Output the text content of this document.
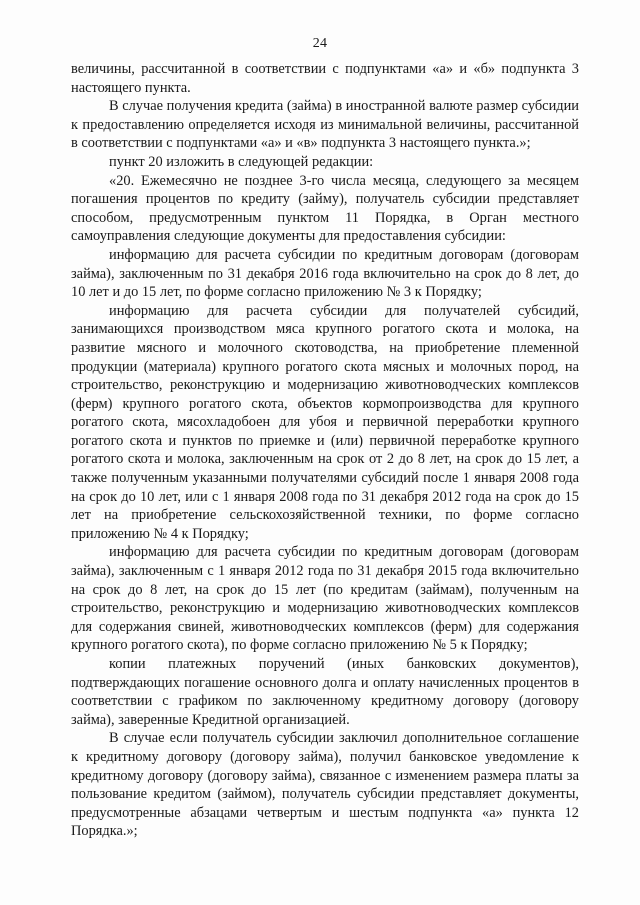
24

величины, рассчитанной в соответствии с подпунктами «а» и «б» подпункта 3 настоящего пункта.

В случае получения кредита (займа) в иностранной валюте размер субсидии к предоставлению определяется исходя из минимальной величины, рассчитанной в соответствии с подпунктами «а» и «в» подпункта 3 настоящего пункта.»;

пункт 20 изложить в следующей редакции:

«20. Ежемесячно не позднее 3-го числа месяца, следующего за месяцем погашения процентов по кредиту (займу), получатель субсидии представляет способом, предусмотренным пунктом 11 Порядка, в Орган местного самоуправления следующие документы для предоставления субсидии:

информацию для расчета субсидии по кредитным договорам (договорам займа), заключенным по 31 декабря 2016 года включительно на срок до 8 лет, до 10 лет и до 15 лет, по форме согласно приложению № 3 к Порядку;

информацию для расчета субсидии для получателей субсидий, занимающихся производством мяса крупного рогатого скота и молока, на развитие мясного и молочного скотоводства, на приобретение племенной продукции (материала) крупного рогатого скота мясных и молочных пород, на строительство, реконструкцию и модернизацию животноводческих комплексов (ферм) крупного рогатого скота, объектов кормопроизводства для крупного рогатого скота, мясохладобоен для убоя и первичной переработки крупного рогатого скота и пунктов по приемке и (или) первичной переработке крупного рогатого скота и молока, заключенным на срок от 2 до 8 лет, на срок до 15 лет, а также полученным указанными получателями субсидий после 1 января 2008 года на срок до 10 лет, или с 1 января 2008 года по 31 декабря 2012 года на срок до 15 лет на приобретение сельскохозяйственной техники, по форме согласно приложению № 4 к Порядку;

информацию для расчета субсидии по кредитным договорам (договорам займа), заключенным с 1 января 2012 года по 31 декабря 2015 года включительно на срок до 8 лет, на срок до 15 лет (по кредитам (займам), полученным на строительство, реконструкцию и модернизацию животноводческих комплексов для содержания свиней, животноводческих комплексов (ферм) для содержания крупного рогатого скота), по форме согласно приложению № 5 к Порядку;

копии платежных поручений (иных банковских документов), подтверждающих погашение основного долга и оплату начисленных процентов в соответствии с графиком по заключенному кредитному договору (договору займа), заверенные Кредитной организацией.

В случае если получатель субсидии заключил дополнительное соглашение к кредитному договору (договору займа), получил банковское уведомление к кредитному договору (договору займа), связанное с изменением размера платы за пользование кредитом (займом), получатель субсидии представляет документы, предусмотренные абзацами четвертым и шестым подпункта «а» пункта 12 Порядка.»;
